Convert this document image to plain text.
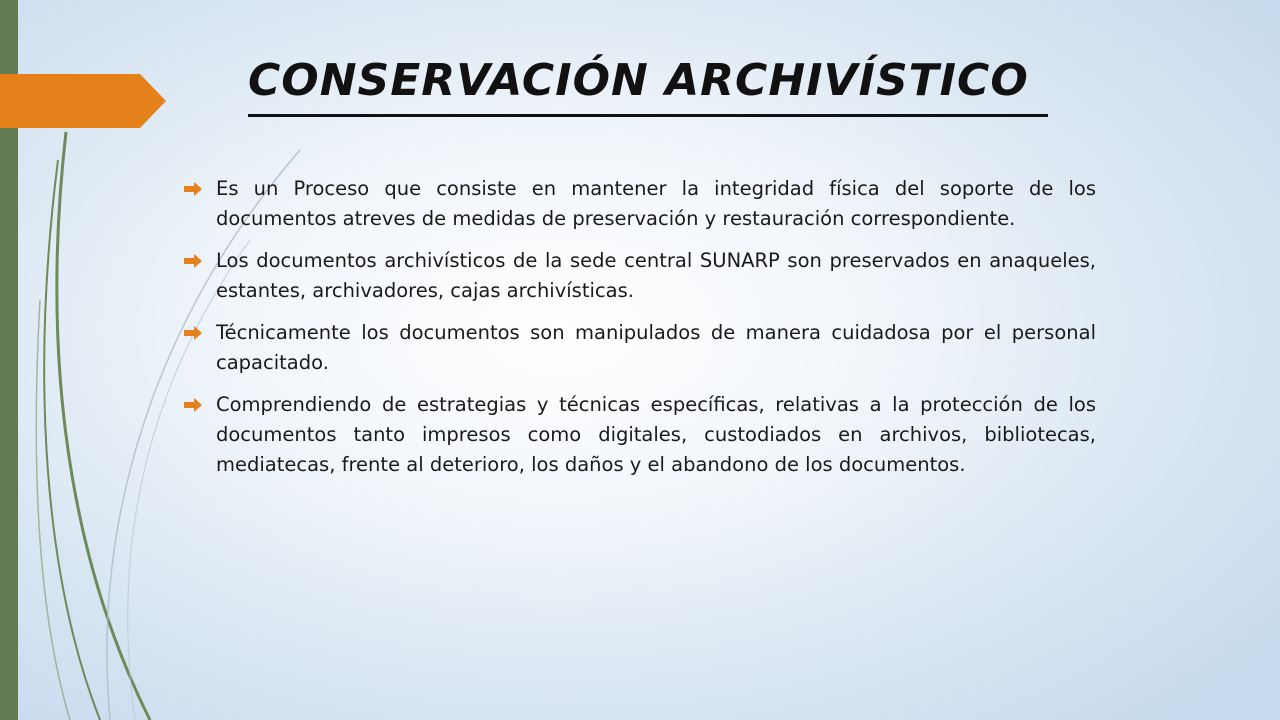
CONSERVACIÓN ARCHIVÍSTICO
Es un Proceso que consiste en mantener la integridad física del soporte de los documentos atreves de medidas de preservación y restauración correspondiente.
Los documentos archivísticos de la sede central SUNARP son preservados en anaqueles, estantes, archivadores, cajas archivísticas.
Técnicamente los documentos son manipulados de manera cuidadosa por el personal capacitado.
Comprendiendo de estrategias y técnicas específicas, relativas a la protección de los documentos tanto impresos como digitales, custodiados en archivos, bibliotecas, mediatecas, frente al deterioro, los daños y el abandono de los documentos.
